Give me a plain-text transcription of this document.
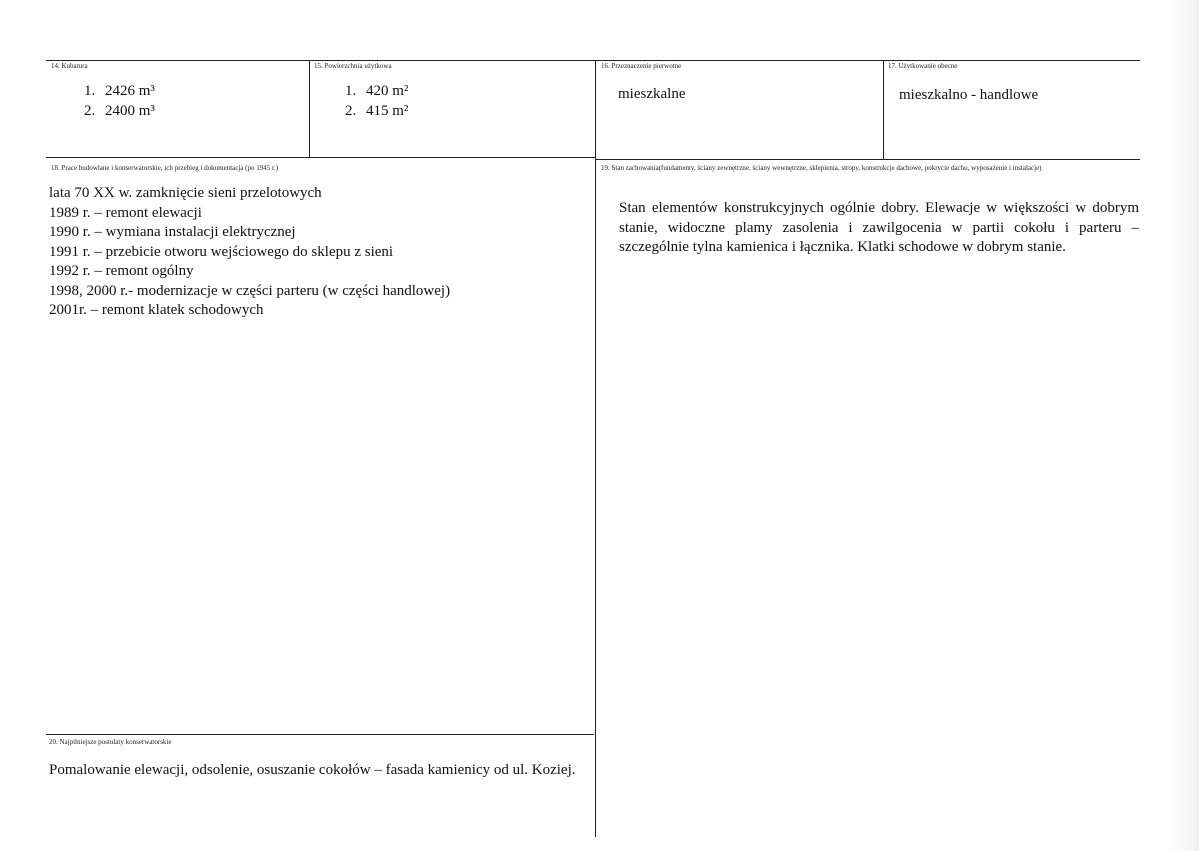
14. Kubatura
1. 2426 m³
2. 2400 m³
15. Powierzchnia użytkowa
1. 420 m²
2. 415 m²
16. Przeznaczenie pierwotne
mieszkalne
17. Użytkowanie obecne
mieszkalno - handlowe
18. Prace budowlane i konserwatorskie, ich przebieg i dokumentacja (po 1945 r.)
lata 70 XX w. zamknięcie sieni przelotowych
1989 r. – remont elewacji
1990 r. – wymiana instalacji elektrycznej
1991 r. – przebicie otworu wejściowego do sklepu z sieni
1992 r. – remont ogólny
1998, 2000 r.- modernizacje w części parteru (w części handlowej)
2001r. – remont klatek schodowych
19. Stan zachowania(fundamenty, ściany zewnętrzne, ściany wewnętrzne, sklepienia, stropy, konstrukcje dachowe, pokrycie dachu, wyposażenie i instalacje)
Stan elementów konstrukcyjnych ogólnie dobry. Elewacje w większości w dobrym stanie, widoczne plamy zasolenia i zawilgocenia w partii cokołu i parteru – szczególnie tylna kamienica i łącznika. Klatki schodowe w dobrym stanie.
20. Najpilniejsze postulaty konserwatorskie
Pomalowanie elewacji, odsolenie, osuszanie cokołów – fasada kamienicy od ul. Koziej.
